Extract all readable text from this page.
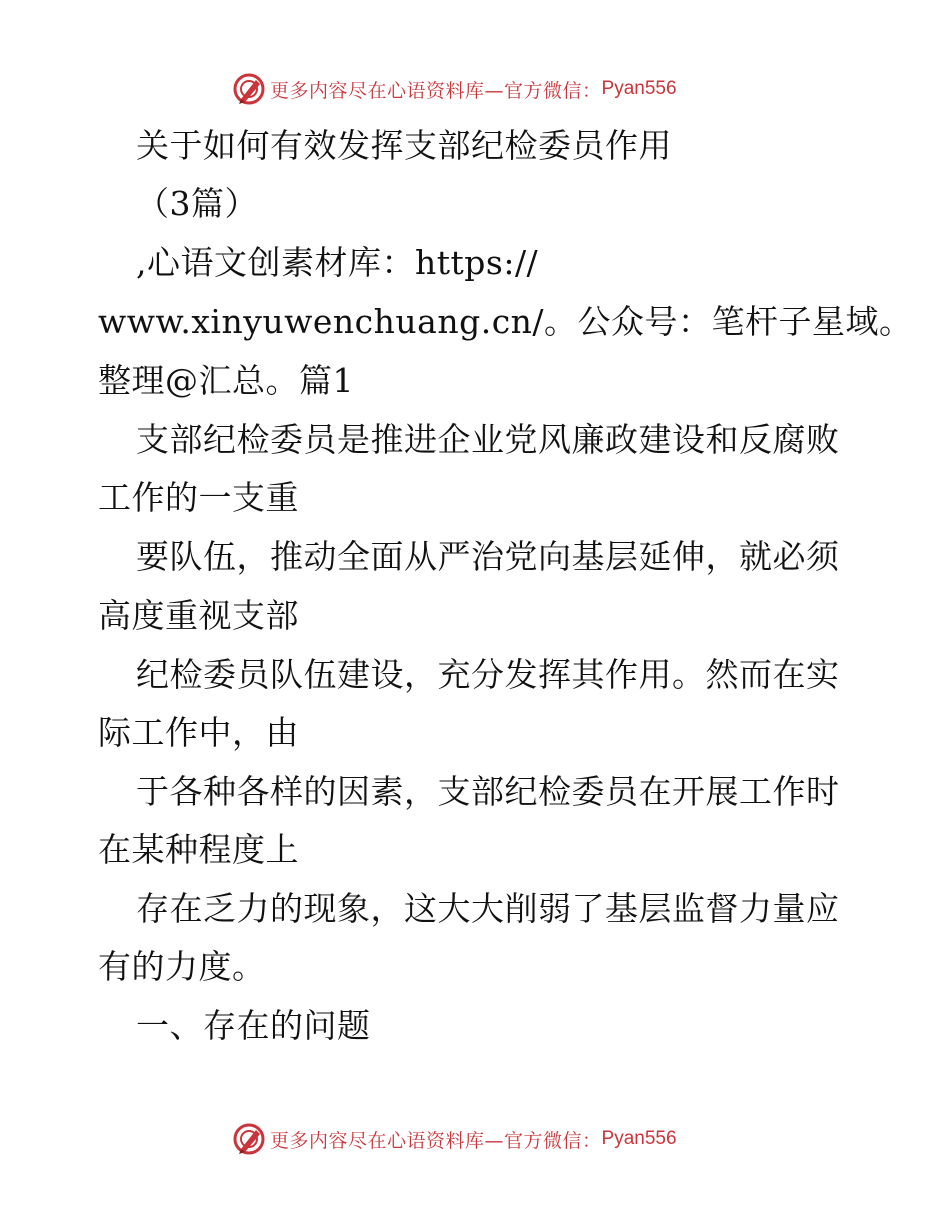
更多内容尽在心语资料库—官方微信： Pyan556
关于如何有效发挥支部纪检委员作用
（3篇）
,心语文创素材库：https://
www.xinyuwenchuang.cn/。公众号：笔杆子星域。
整理@汇总。篇1
支部纪检委员是推进企业党风廉政建设和反腐败
工作的一支重
要队伍，推动全面从严治党向基层延伸，就必须
高度重视支部
纪检委员队伍建设，充分发挥其作用。然而在实
际工作中，由
于各种各样的因素，支部纪检委员在开展工作时
在某种程度上
存在乏力的现象，这大大削弱了基层监督力量应
有的力度。
一、存在的问题
更多内容尽在心语资料库—官方微信： Pyan556
